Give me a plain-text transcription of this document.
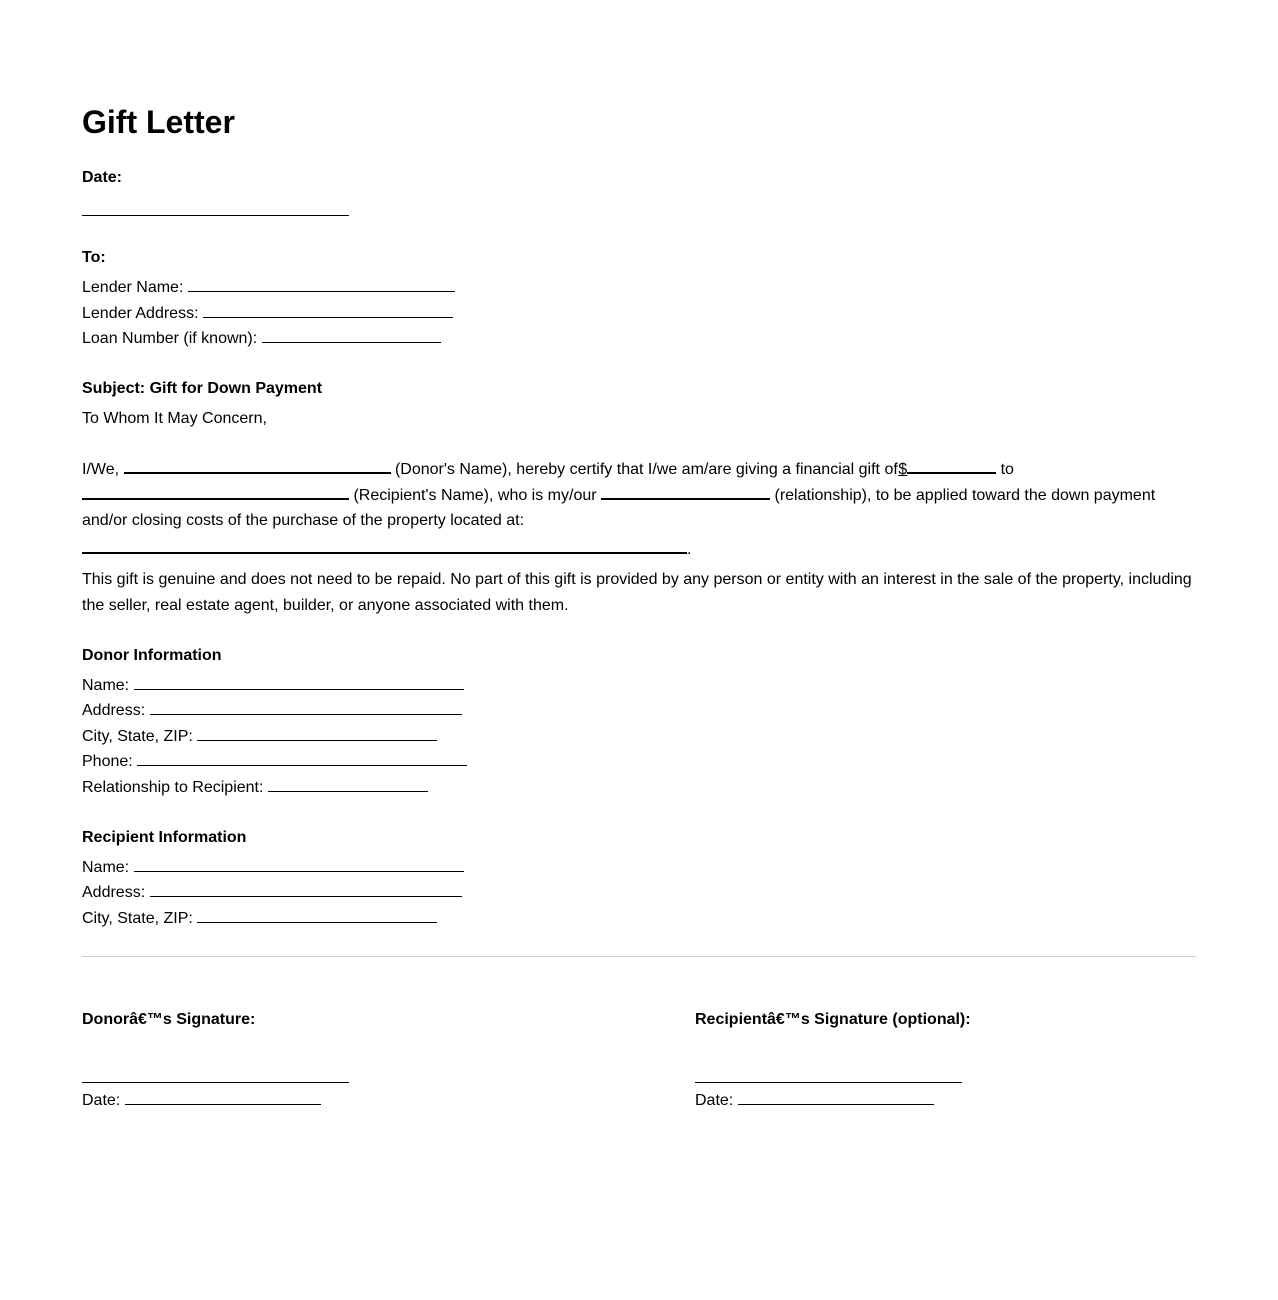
Gift Letter
Date:
To:
Lender Name:
Lender Address:
Loan Number (if known):
Subject: Gift for Down Payment
To Whom It May Concern,
I/We,	(Donor's Name), hereby certify that I/we am/are giving a financial gift of $	to
(Recipient's Name), who is my/our	(relationship), to be applied toward the down payment
and/or closing costs of the purchase of the property located at:
.
This gift is genuine and does not need to be repaid. No part of this gift is provided by any person or entity with an interest in the sale of the property, including the seller, real estate agent, builder, or anyone associated with them.
Donor Information
Name:
Address:
City, State, ZIP:
Phone:
Relationship to Recipient:
Recipient Information
Name:
Address:
City, State, ZIP:
Donorâ€™s Signature:
Date:
Recipientâ€™s Signature (optional):
Date:
